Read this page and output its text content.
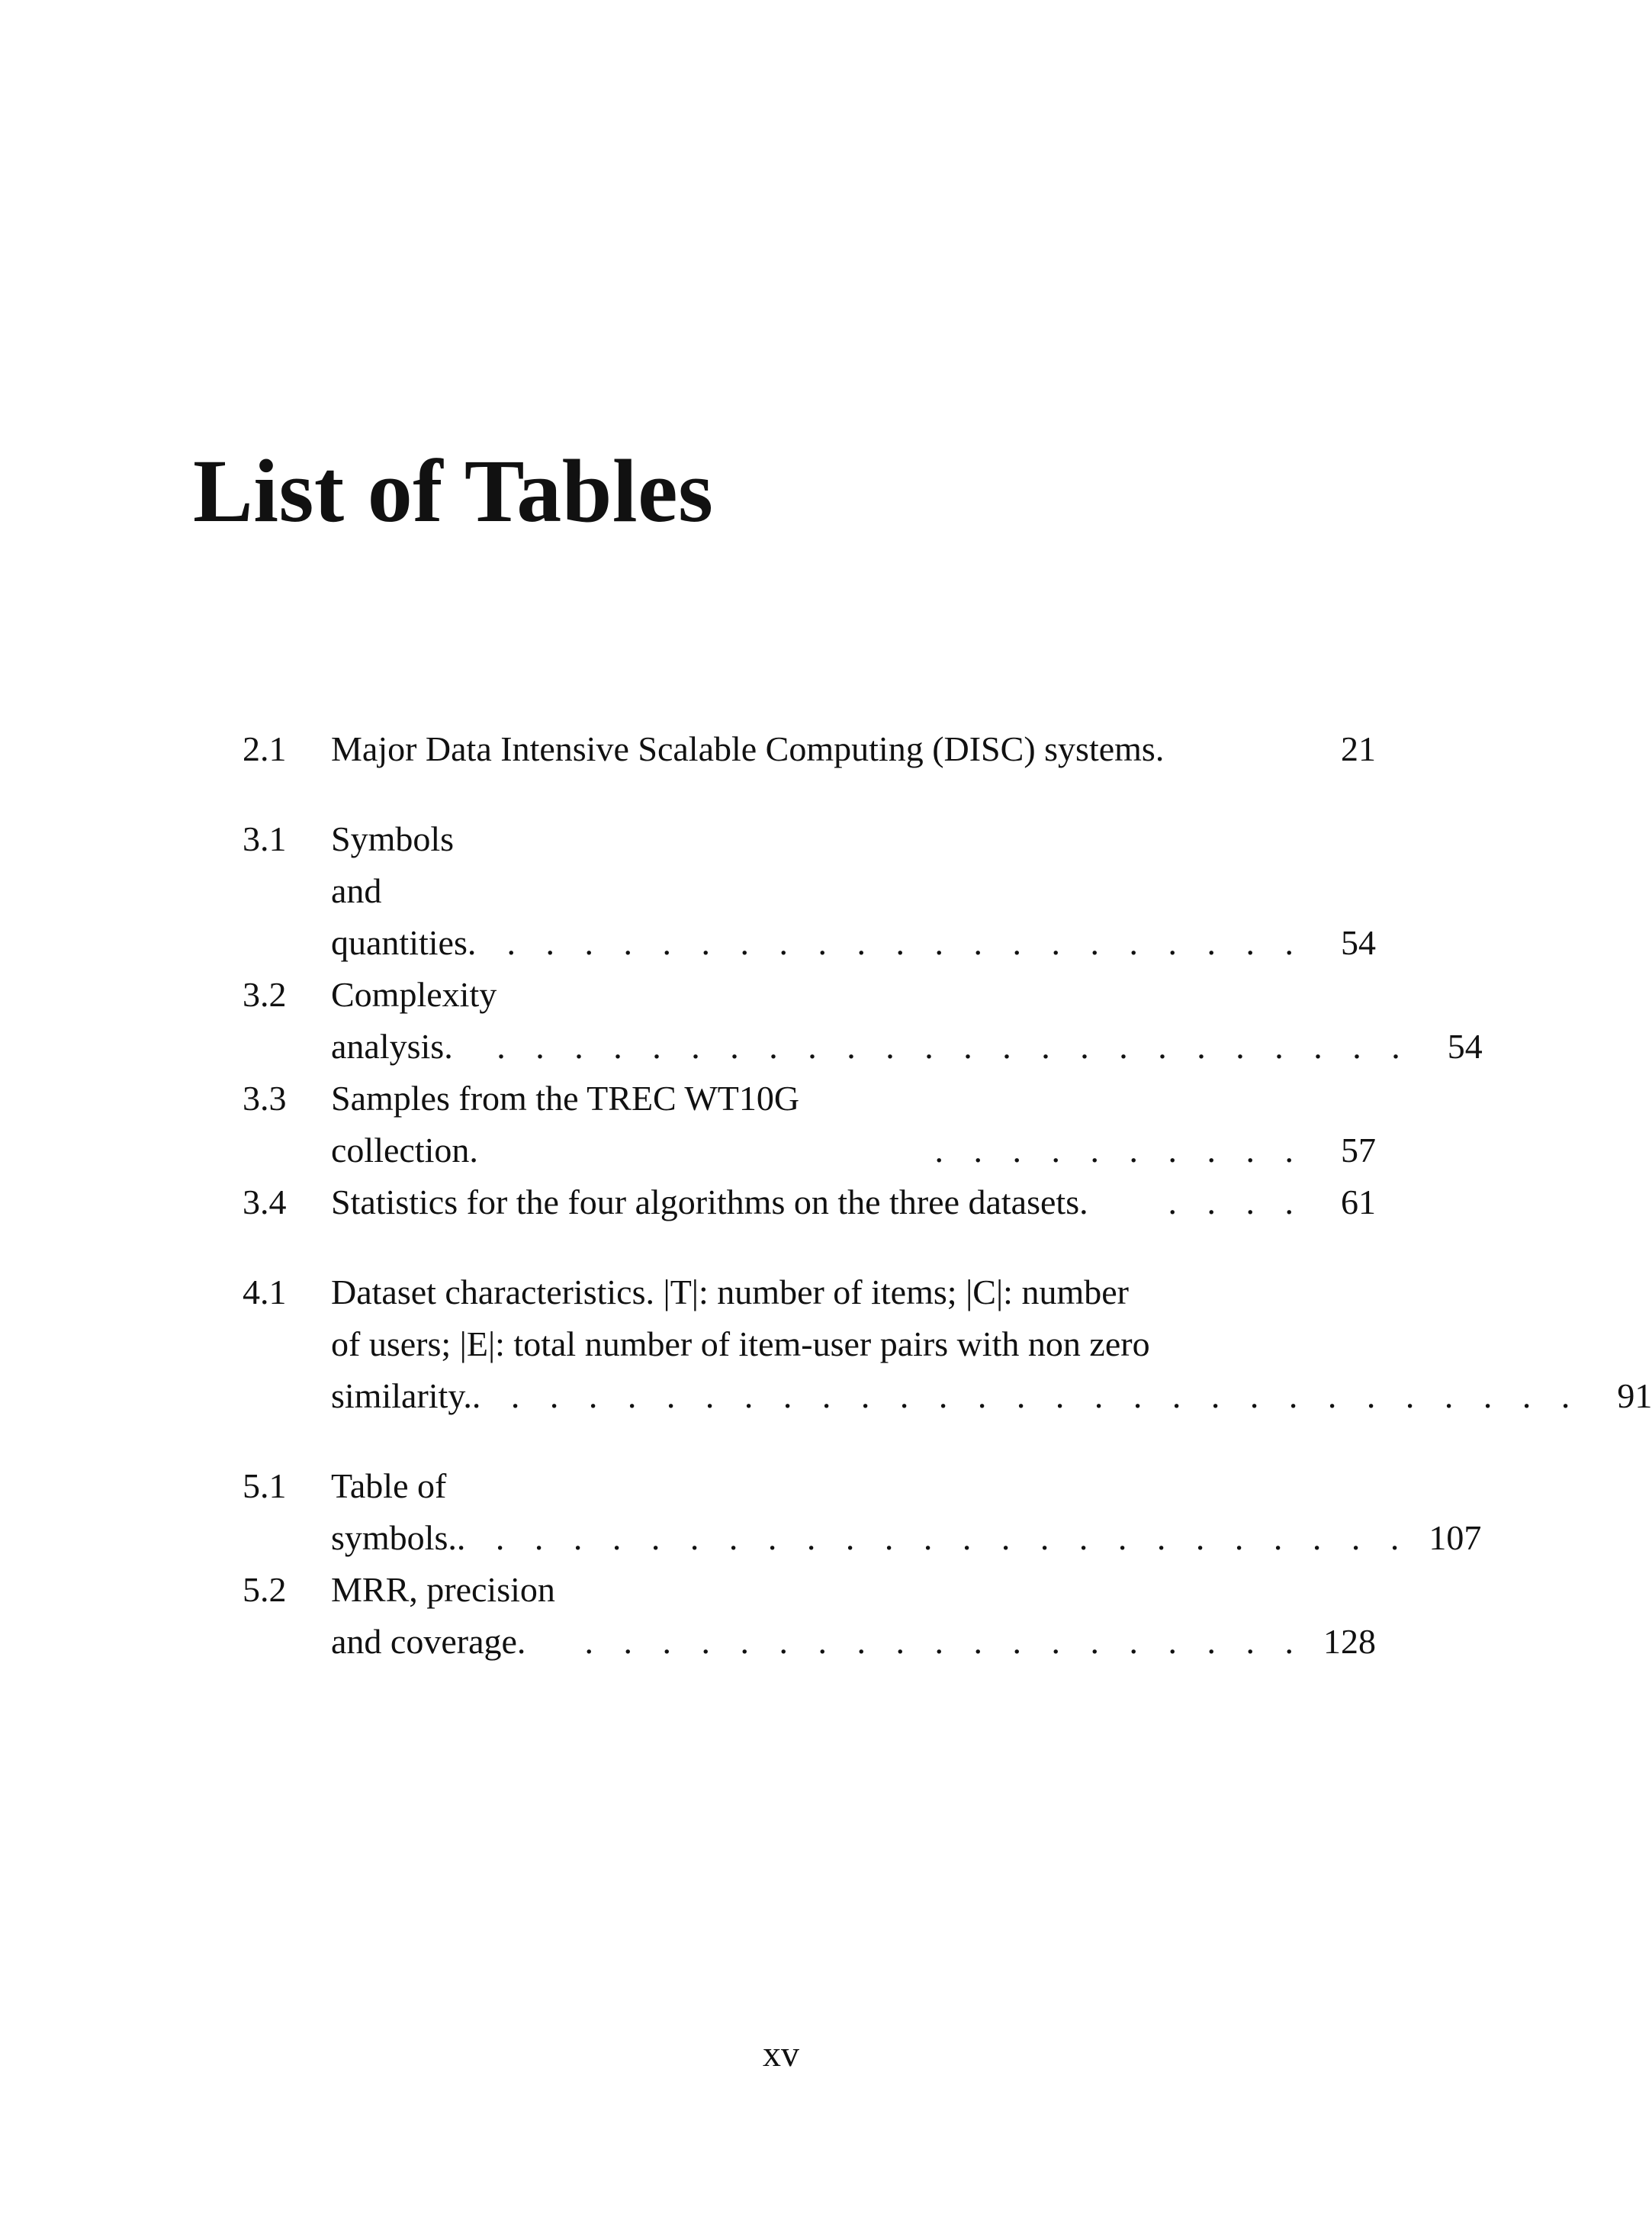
List of Tables
2.1	Major Data Intensive Scalable Computing (DISC) systems.	21
3.1	Symbols and quantities. . . . . . . . . . . . . . . . . . . . . .	54
3.2	Complexity analysis.	. . . . . . . . . . . . . . . . . . . . . . . .	54
3.3	Samples from the TREC WT10G collection.	. . . . . . . . . .	57
3.4	Statistics for the four algorithms on the three datasets.	. . . .	61
4.1	Dataset characteristics. |T|: number of items; |C|: number
of users; |E|: total number of item-user pairs with non zero
similarity. . . . . . . . . . . . . . . . . . . . . . . . . . . . . .	91
5.1	Table of symbols. . . . . . . . . . . . . . . . . . . . . . . . . . 107
5.2	MRR, precision and coverage.	. . . . . . . . . . . . . . . . . . . 128
xv
